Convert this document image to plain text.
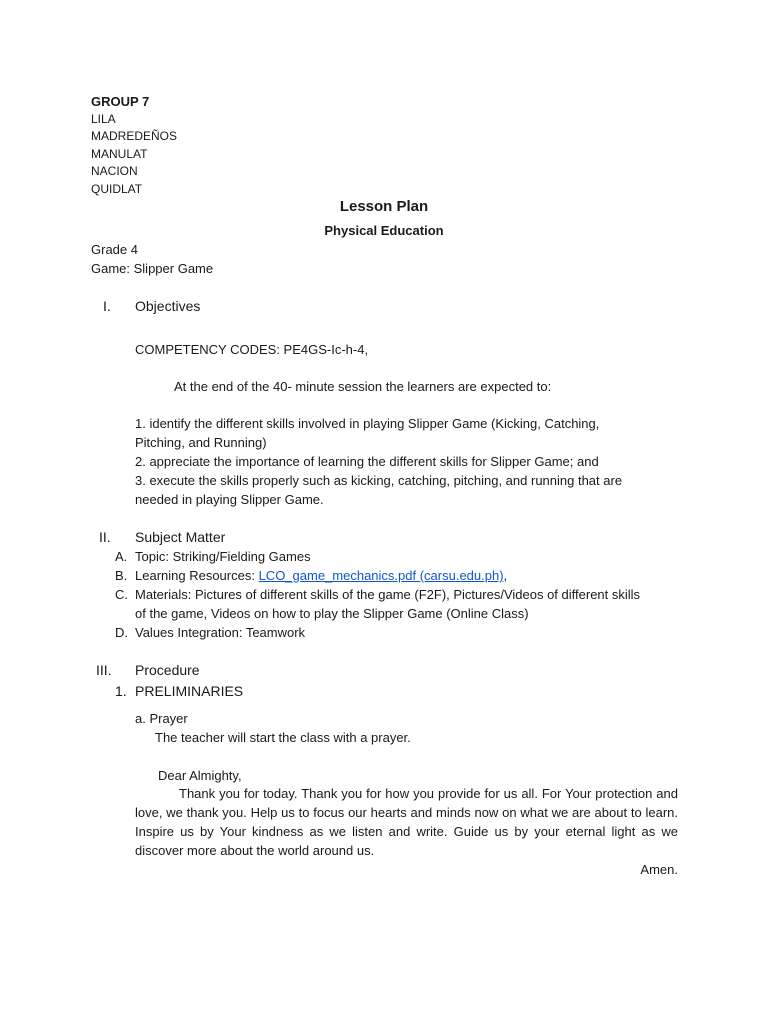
GROUP 7
LILA
MADREDEÑOS
MANULAT
NACION
QUIDLAT
Lesson Plan
Physical Education
Grade 4
Game: Slipper Game
I. Objectives
COMPETENCY CODES: PE4GS-Ic-h-4,
At the end of the 40- minute session the learners are expected to:
1. identify the different skills involved in playing Slipper Game (Kicking, Catching,
Pitching, and Running)
2. appreciate the importance of learning the different skills for Slipper Game; and
3. execute the skills properly such as kicking, catching, pitching, and running that are
needed in playing Slipper Game.
II. Subject Matter
A. Topic: Striking/Fielding Games
B. Learning Resources: LCO_game_mechanics.pdf (carsu.edu.ph),
C. Materials: Pictures of different skills of the game (F2F), Pictures/Videos of different skills
of the game, Videos on how to play the Slipper Game (Online Class)
D. Values Integration: Teamwork
III. Procedure
1. PRELIMINARIES
a. Prayer
The teacher will start the class with a prayer.
Dear Almighty,
Thank you for today. Thank you for how you provide for us all. For Your protection and love, we thank you. Help us to focus our hearts and minds now on what we are about to learn. Inspire us by Your kindness as we listen and write. Guide us by your eternal light as we discover more about the world around us.
Amen.
